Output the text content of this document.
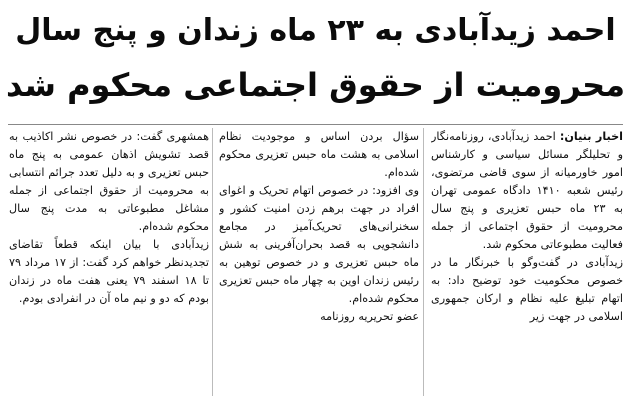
احمد زیدآبادی به ۲۳ ماه زندان و پنج سال
محرومیت از حقوق اجتماعی محکوم شد

اخبار بنیان: احمد زیدآبادی، روزنامه‌نگار و تحلیلگر مسائل سیاسی و کارشناس امور خاورمیانه از سوی قاضی مرتضوی، رئیس شعبه ۱۴۱۰ دادگاه عمومی تهران به ۲۳ ماه حبس تعزیری و پنج سال محرومیت از حقوق اجتماعی از جمله فعالیت مطبوعاتی محکوم شد.

زیدآبادی در گفت‌وگو با خبرنگار ما در خصوص محکومیت خود توضیح داد: به اتهام تبلیغ علیه نظام و ارکان جمهوری اسلامی در جهت زیر

سؤال بردن اساس و موجودیت نظام اسلامی به هشت ماه حبس تعزیری محکوم شده‌ام.

وی افزود: در خصوص اتهام تحریک و اغوای افراد در جهت برهم زدن امنیت کشور و سخنرانی‌های تحریک‌آمیز در مجامع دانشجویی به قصد بحران‌آفرینی به شش ماه حبس تعزیری و در خصوص توهین به رئیس زندان اوین به چهار ماه حبس تعزیری محکوم شده‌ام.

عضو تحریریه روزنامه

همشهری گفت: در خصوص نشر اکاذیب به قصد تشویش اذهان عمومی به پنج ماه حبس تعزیری و به دلیل تعدد جرائم انتسابی به محرومیت از حقوق اجتماعی از جمله مشاغل مطبوعاتی به مدت پنج سال محکوم شده‌ام.

زیدآبادی با بیان اینکه قطعاً تقاضای تجدیدنظر خواهم کرد گفت: از ۱۷ مرداد ۷۹ تا ۱۸ اسفند ۷۹ یعنی هفت ماه در زندان بودم که دو و نیم ماه آن در انفرادی بودم.
